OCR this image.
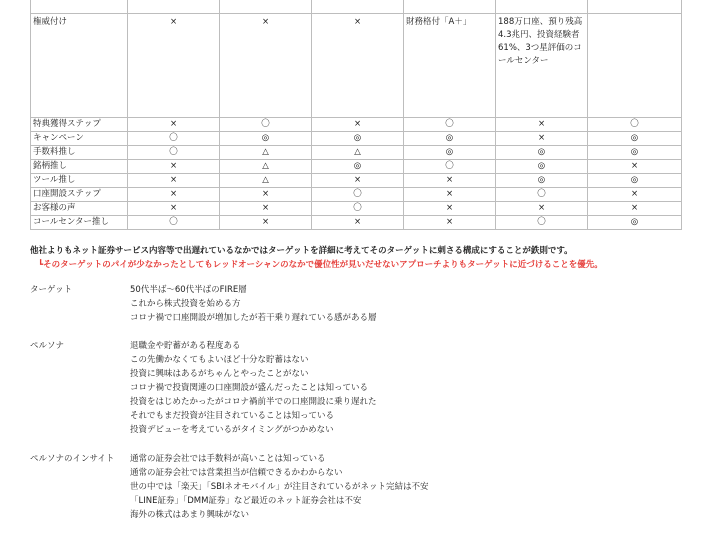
権威付け	×	×	×	財務格付「A＋」	188万口座、預り残高4.3兆円、投資経験者61%、3つ星評価のコールセンター	
特典獲得ステップ	×	〇	×	〇	×	〇
キャンペーン	〇	◎	◎	◎	×	◎
手数料推し	〇	△	△	◎	◎	◎
銘柄推し	×	△	◎	〇	◎	×
ツール推し	×	△	×	×	◎	◎
口座開設ステップ	×	×	〇	×	〇	×
お客様の声	×	×	〇	×	×	×
コールセンター推し	〇	×	×	×	〇	◎
他社よりもネット証券サービス内容等で出遅れているなかではターゲットを詳細に考えてそのターゲットに刺さる構成にすることが鉄則です。
┗そのターゲットのパイが少なかったとしてもレッドオーシャンのなかで優位性が見いだせないアプローチよりもターゲットに近づけることを優先。
ターゲット	50代半ば～60代半ばのFIRE層
これから株式投資を始める方
コロナ禍で口座開設が増加したが若干乗り遅れている感がある層
ペルソナ	退職金や貯蓄がある程度ある
この先働かなくてもよいほど十分な貯蓄はない
投資に興味はあるがちゃんとやったことがない
コロナ禍で投資関連の口座開設が盛んだったことは知っている
投資をはじめたかったがコロナ禍前半での口座開設に乗り遅れた
それでもまだ投資が注目されていることは知っている
投資デビューを考えているがタイミングがつかめない
ペルソナのインサイト 通常の証券会社では手数料が高いことは知っている
通常の証券会社では営業担当が信頼できるかわからない
世の中では「楽天」「SBIネオモバイル」が注目されているがネット完結は不安
「LINE証券」「DMM証券」など最近のネット証券会社は不安
海外の株式はあまり興味がない
